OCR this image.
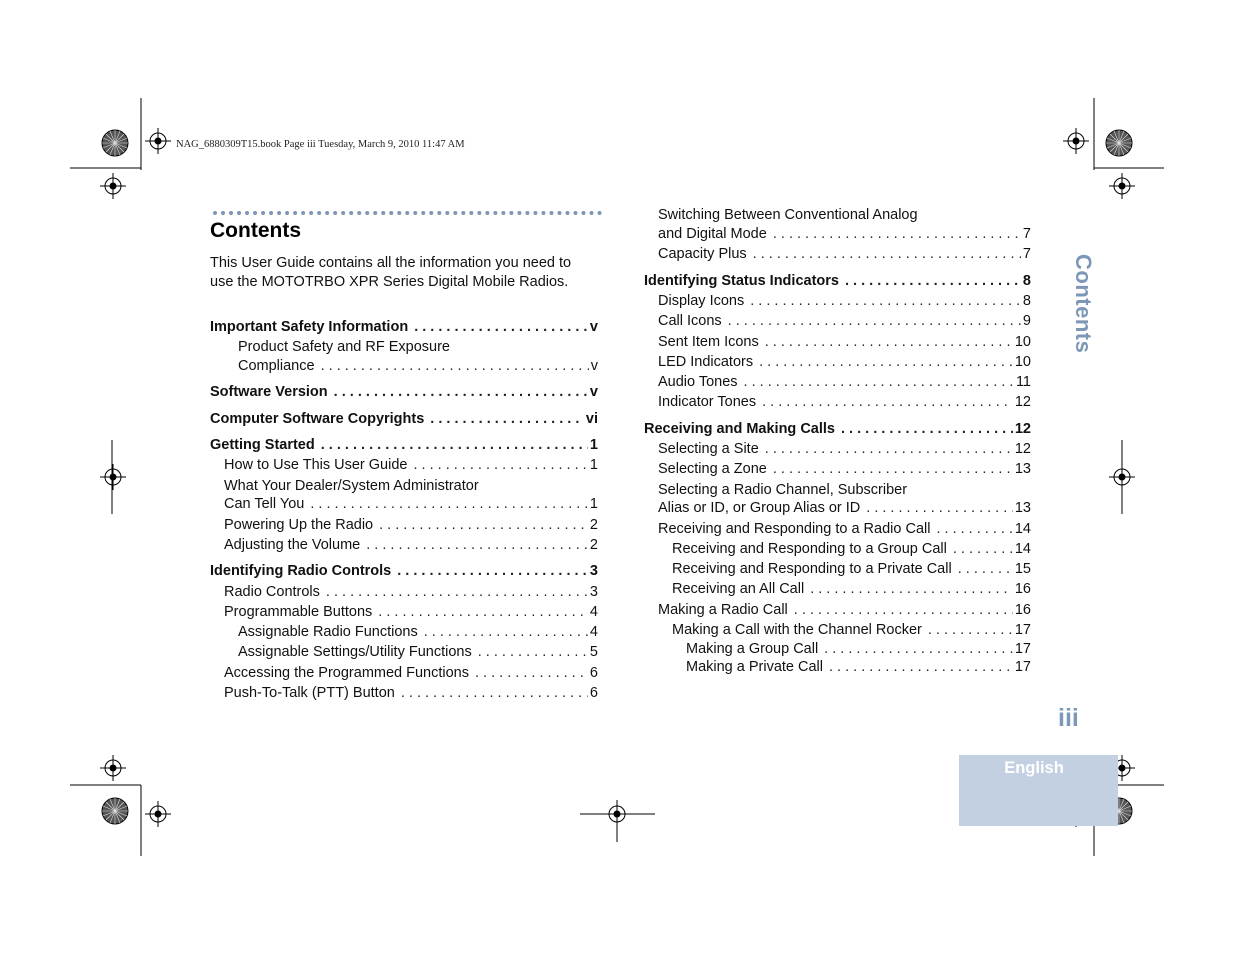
NAG_6880309T15.book Page iii Tuesday, March 9, 2010 11:47 AM
Contents
This User Guide contains all the information you need to use the MOTOTRBO XPR Series Digital Mobile Radios.
Important Safety Information . . .	v
Product Safety and RF Exposure
Compliance . . .	v
Software Version . . .	v
Computer Software Copyrights . . .	vi
Getting Started . . .	1
How to Use This User Guide . . .	1
What Your Dealer/System Administrator
Can Tell You . . .	1
Powering Up the Radio . . .	2
Adjusting the Volume . . .	2
Identifying Radio Controls . . .	3
Radio Controls . . .	3
Programmable Buttons . . .	4
Assignable Radio Functions . . .	4
Assignable Settings/Utility Functions . . .	5
Accessing the Programmed Functions . . .	6
Push-To-Talk (PTT) Button . . .	6
Switching Between Conventional Analog
and Digital Mode . . .	7
Capacity Plus . . .	7
Identifying Status Indicators . . .	8
Display Icons . . .	8
Call Icons . . .	9
Sent Item Icons . . .	10
LED Indicators . . .	10
Audio Tones . . .	11
Indicator Tones . . .	12
Receiving and Making Calls . . .	12
Selecting a Site . . .	12
Selecting a Zone . . .	13
Selecting a Radio Channel, Subscriber
Alias or ID, or Group Alias or ID . . .	13
Receiving and Responding to a Radio Call . . .	14
Receiving and Responding to a Group Call . . .	14
Receiving and Responding to a Private Call . . .	15
Receiving an All Call . . .	16
Making a Radio Call . . .	16
Making a Call with the Channel Rocker . . .	17
Making a Group Call . . .	17
Making a Private Call . . .	17
Contents
iii
English
